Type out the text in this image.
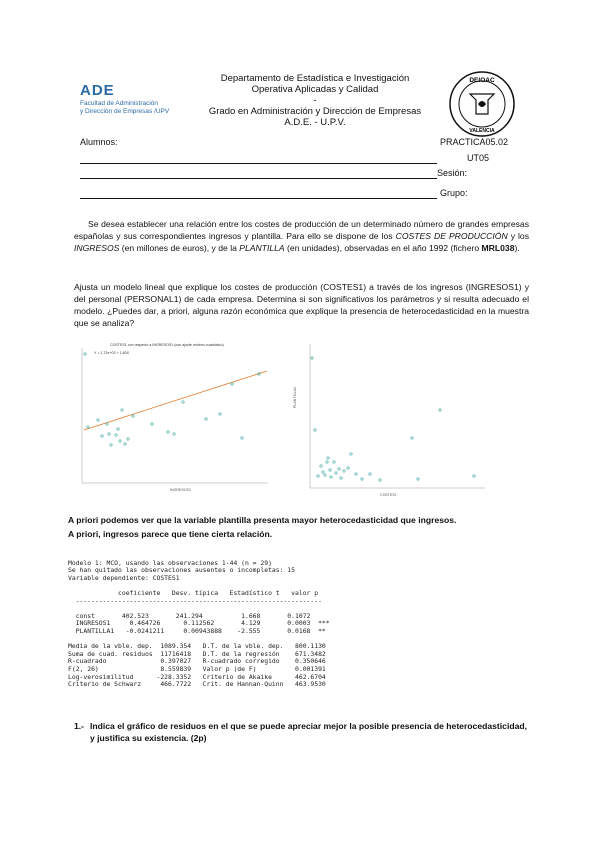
ADE
Facultad de Administración
y Dirección de Empresas /UPV
Departamento de Estadística e Investigación
Operativa Aplicadas y Calidad
-
Grado en Administración y Dirección de Empresas
A.D.E. - U.P.V.
DEIOAC
VALENCIA
Alumnos:	PRACTICA05.02
UT05
Sesión:
Grupo:
Se desea establecer una relación entre los costes de producción de un determinado número de grandes empresas españolas y sus correspondientes ingresos y plantilla. Para ello se dispone de los COSTES DE PRODUCCIÓN y los INGRESOS (en millones de euros), y de la PLANTILLA (en unidades), observadas en el año 1992 (fichero MRL038).
Ajusta un modelo lineal que explique los costes de producción (COSTES1) a través de los ingresos (INGRESOS1) y del personal (PERSONAL1) de cada empresa. Determina si son significativos los parámetros y si resulta adecuado el modelo. ¿Puedes dar, a priori, alguna razón económica que explique la presencia de heterocedasticidad en la muestra que se analiza?
COSTES1 con respecto a INGRESOS1 (con ajuste mínimo-cuadrático)
Y = 1,72e+03 + 1,60X
INGRESOS1
PLANTILLA1
COSTES1
A priori podemos ver que la variable plantilla presenta mayor heterocedasticidad que ingresos.
A priori, ingresos parece que tiene cierta relación.

Modelo 1: MCO, usando las observaciones 1-44 (n = 29)
Se han quitado las observaciones ausentes o incompletas: 15
Variable dependiente: COSTES1

coeficiente   Desv. típica   Estadístico t   valor p
----------------------------------------------------------------

const       402.523       241.294          1.668       0.1072
INGRESOS1     0.464726      0.112562       4.129       0.0003  ***
PLANTILLA1   -0.0241211     0.00943888    -2.555       0.0168  **

Media de la vble. dep.  1089.354   D.T. de la vble. dep.   800.1130
Suma de cuad. residuos  11716418   D.T. de la regresión    671.3482
R-cuadrado              0.397027   R-cuadrado corregido    0.350646
F(2, 26)                8.559839   Valor p (de F)          0.001391
Log-verosimilitud      -228.3352   Criterio de Akaike      462.6704
Criterio de Schwarz     466.7722   Crit. de Hannan-Quinn   463.9530

1.- Indica el gráfico de residuos en el que se puede apreciar mejor la posible presencia de heterocedasticidad, y justifica su existencia. (2p)
